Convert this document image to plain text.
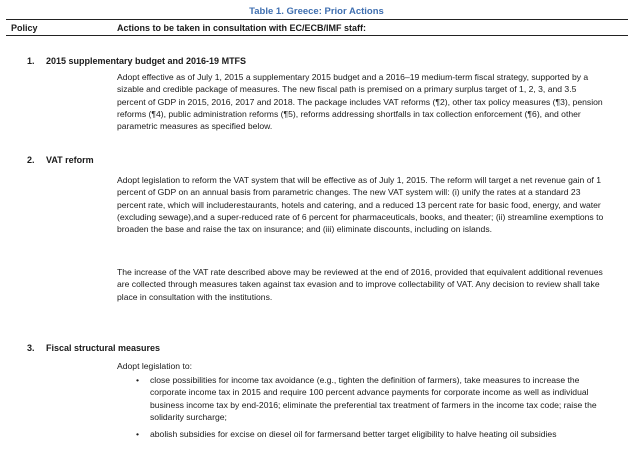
Table 1. Greece: Prior Actions
Policy	Actions to be taken in consultation with EC/ECB/IMF staff:
1. 2015 supplementary budget and 2016-19 MTFS

Adopt effective as of July 1, 2015 a supplementary 2015 budget and a 2016–19 medium-term fiscal strategy, supported by a sizable and credible package of measures. The new fiscal path is premised on a primary surplus target of 1, 2, 3, and 3.5 percent of GDP in 2015, 2016, 2017 and 2018. The package includes VAT reforms (¶2), other tax policy measures (¶3), pension reforms (¶4), public administration reforms (¶5), reforms addressing shortfalls in tax collection enforcement (¶6), and other parametric measures as specified below.

2. VAT reform

Adopt legislation to reform the VAT system that will be effective as of July 1, 2015. The reform will target a net revenue gain of 1 percent of GDP on an annual basis from parametric changes. The new VAT system will: (i) unify the rates at a standard 23 percent rate, which will includerestaurants, hotels and catering, and a reduced 13 percent rate for basic food, energy, and water (excluding sewage),and a super-reduced rate of 6 percent for pharmaceuticals, books, and theater; (ii) streamline exemptions to broaden the base and raise the tax on insurance; and (iii) eliminate discounts, including on islands.

The increase of the VAT rate described above may be reviewed at the end of 2016, provided that equivalent additional revenues are collected through measures taken against tax evasion and to improve collectability of VAT. Any decision to review shall take place in consultation with the institutions.

3. Fiscal structural measures
Adopt legislation to:
• close possibilities for income tax avoidance (e.g., tighten the definition of farmers), take measures to increase the corporate income tax in 2015 and require 100 percent advance payments for corporate income as well as individual business income tax by end-2016; eliminate the preferential tax treatment of farmers in the income tax code; raise the solidarity surcharge;
• abolish subsidies for excise on diesel oil for farmersand better target eligibility to halve heating oil subsidies
